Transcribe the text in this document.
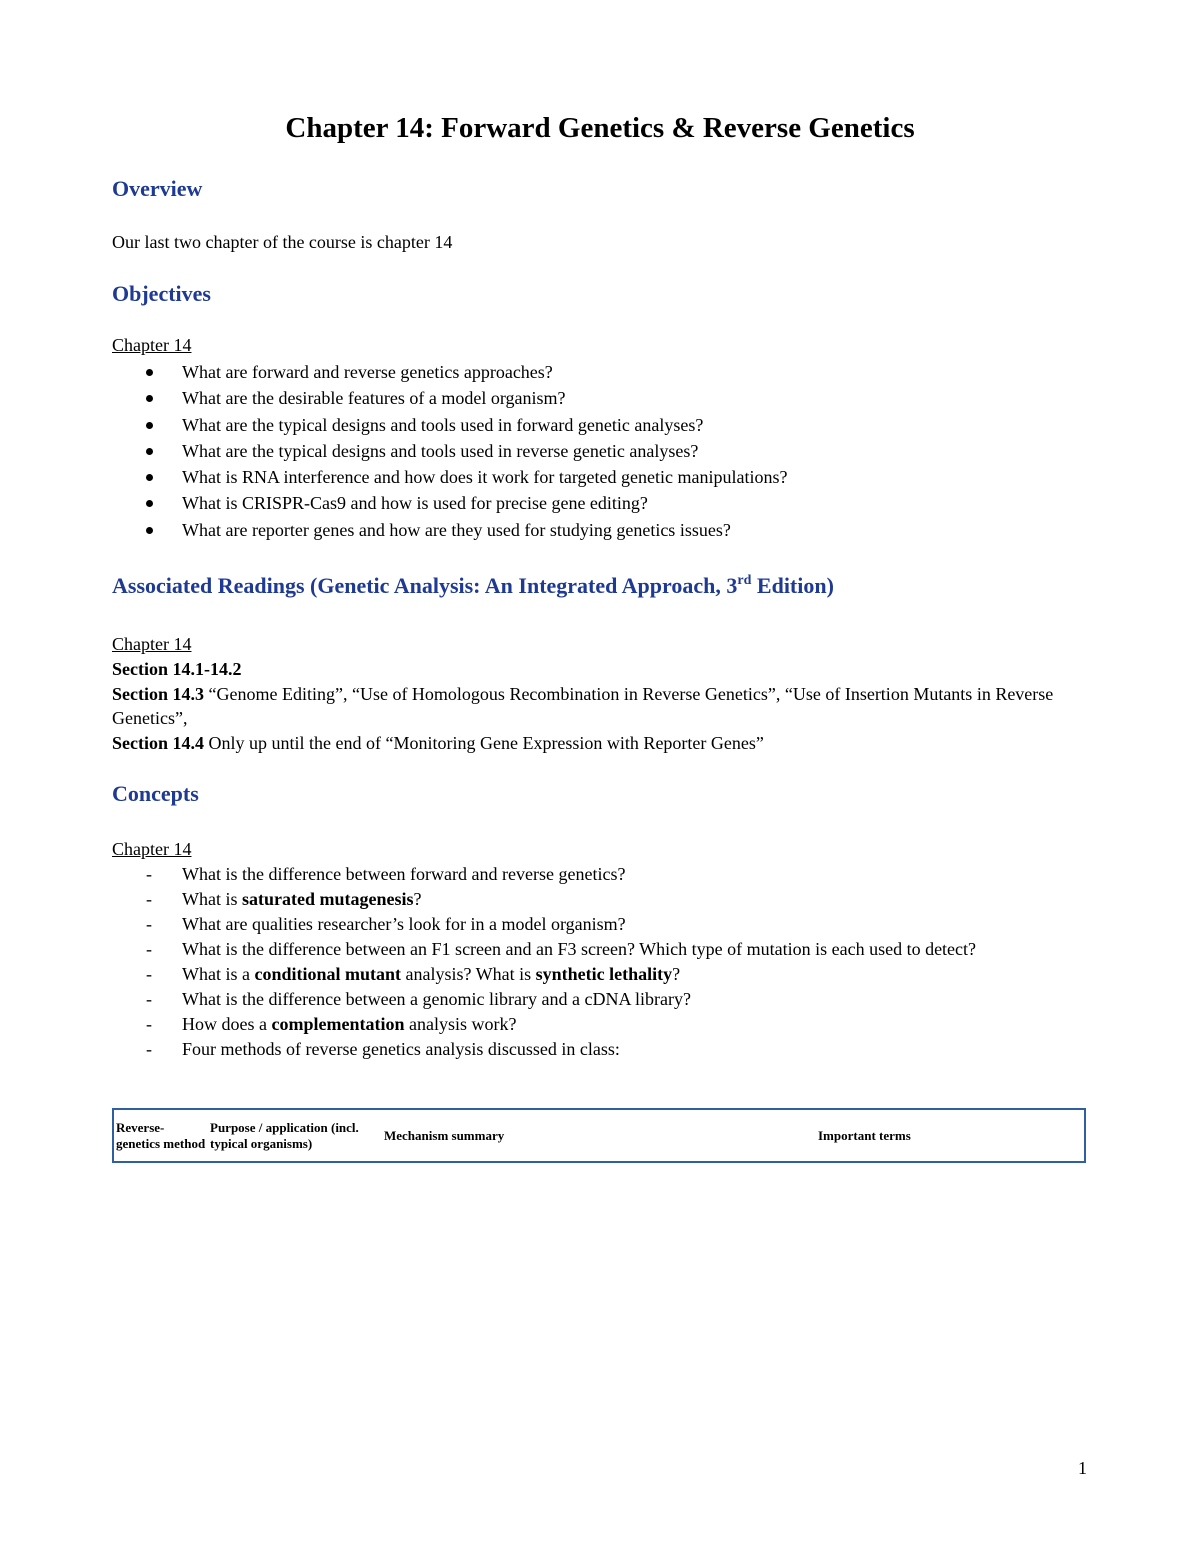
Chapter 14: Forward Genetics & Reverse Genetics
Overview

Our last two chapter of the course is chapter 14

Objectives

Chapter 14

What are forward and reverse genetics approaches?
What are the desirable features of a model organism?
What are the typical designs and tools used in forward genetic analyses?
What are the typical designs and tools used in reverse genetic analyses?
What is RNA interference and how does it work for targeted genetic manipulations?
What is CRISPR-Cas9 and how is used for precise gene editing?
What are reporter genes and how are they used for studying genetics issues?
Associated Readings (Genetic Analysis: An Integrated Approach, 3rd Edition)
Chapter 14
Section 14.1-14.2
Section 14.3 “Genome Editing”, “Use of Homologous Recombination in Reverse Genetics”, “Use of Insertion Mutants in Reverse Genetics”,
Section 14.4 Only up until the end of “Monitoring Gene Expression with Reporter Genes”
Concepts

Chapter 14

- What is the difference between forward and reverse genetics?
- What is saturated mutagenesis?
- What are qualities researcher’s look for in a model organism?
- What is the difference between an F1 screen and an F3 screen? Which type of mutation is each used to detect?
- What is a conditional mutant analysis? What is synthetic lethality?
- What is the difference between a genomic library and a cDNA library?
- How does a complementation analysis work?
- Four methods of reverse genetics analysis discussed in class:
Reverse-genetics method	Purpose / application (incl. typical organisms)	Mechanism summary	Important terms

1
